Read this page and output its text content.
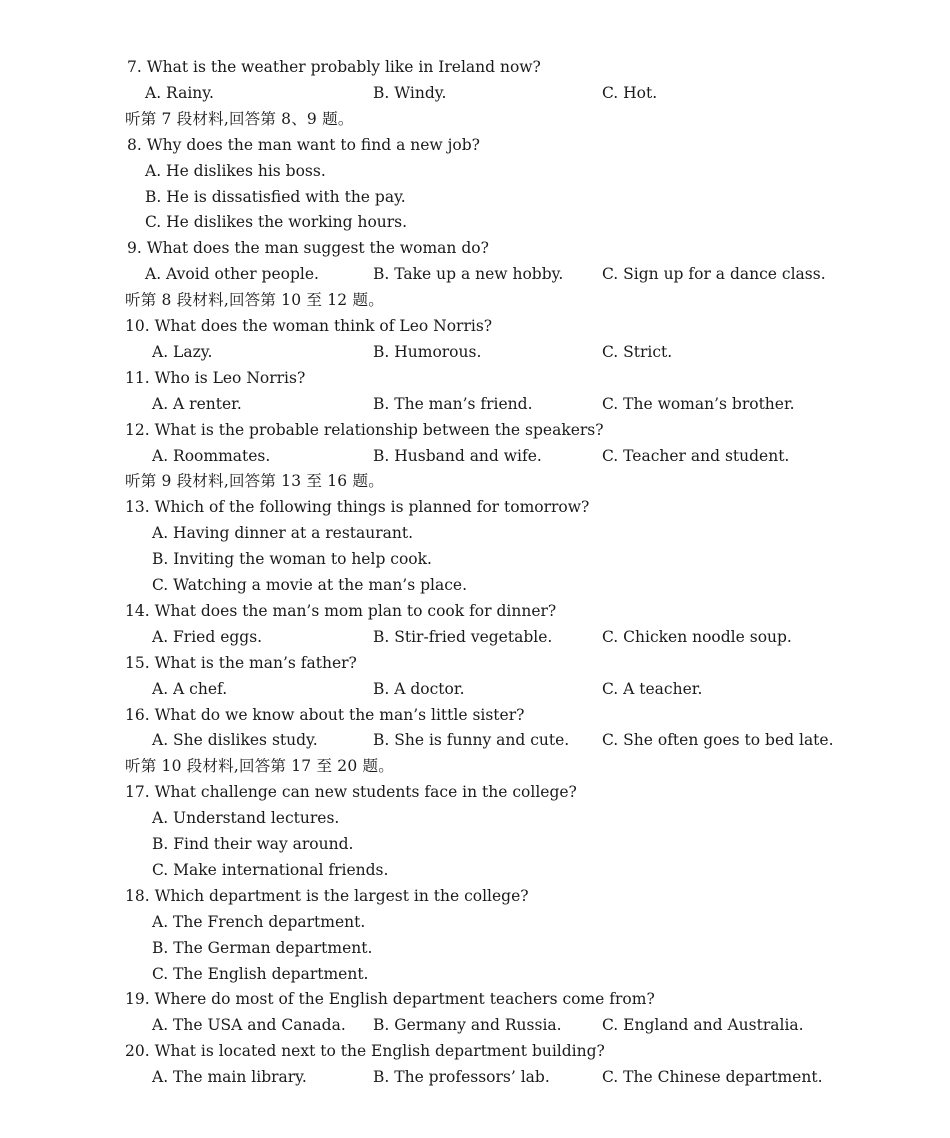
7. What is the weather probably like in Ireland now?
A. Rainy.	B. Windy.	C. Hot.
听第 7 段材料,回答第 8、9 题。
8. Why does the man want to find a new job?
A. He dislikes his boss.
B. He is dissatisfied with the pay.
C. He dislikes the working hours.
9. What does the man suggest the woman do?
A. Avoid other people.	B. Take up a new hobby.	C. Sign up for a dance class.
听第 8 段材料,回答第 10 至 12 题。
10. What does the woman think of Leo Norris?
A. Lazy.	B. Humorous.	C. Strict.
11. Who is Leo Norris?
A. A renter.	B. The man’s friend.	C. The woman’s brother.
12. What is the probable relationship between the speakers?
A. Roommates.	B. Husband and wife.	C. Teacher and student.
听第 9 段材料,回答第 13 至 16 题。
13. Which of the following things is planned for tomorrow?
A. Having dinner at a restaurant.
B. Inviting the woman to help cook.
C. Watching a movie at the man’s place.
14. What does the man’s mom plan to cook for dinner?
A. Fried eggs.	B. Stir-fried vegetable.	C. Chicken noodle soup.
15. What is the man’s father?
A. A chef.	B. A doctor.	C. A teacher.
16. What do we know about the man’s little sister?
A. She dislikes study.	B. She is funny and cute. C. She often goes to bed late.
听第 10 段材料,回答第 17 至 20 题。
17. What challenge can new students face in the college?
A. Understand lectures.
B. Find their way around.
C. Make international friends.
18. Which department is the largest in the college?
A. The French department.
B. The German department.
C. The English department.
19. Where do most of the English department teachers come from?
A. The USA and Canada. B. Germany and Russia.	C. England and Australia.
20. What is located next to the English department building?
A. The main library.	B. The professors’ lab.	C. The Chinese department.
